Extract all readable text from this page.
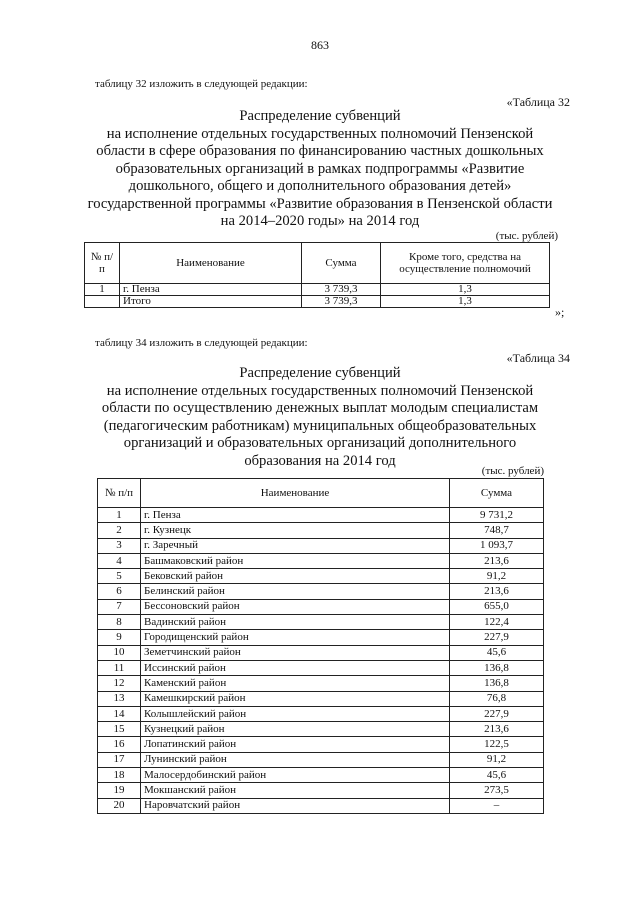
863
таблицу 32 изложить в следующей редакции:
«Таблица 32
Распределение субвенций
на исполнение отдельных государственных полномочий Пензенской
области в сфере образования по финансированию частных дошкольных
образовательных организаций в рамках подпрограммы «Развитие
дошкольного, общего и дополнительного образования детей»
государственной программы «Развитие образования в Пензенской области
на 2014–2020 годы» на 2014 год
(тыс. рублей)
№ п/п	Наименование	Сумма	Кроме того, средства на осуществление полномочий
1	г. Пенза	3 739,3	1,3
	Итого	3 739,3	1,3
»;
таблицу 34 изложить в следующей редакции:
«Таблица 34
Распределение субвенций
на исполнение отдельных государственных полномочий Пензенской
области по осуществлению денежных выплат молодым специалистам
(педагогическим работникам) муниципальных общеобразовательных
организаций и образовательных организаций дополнительного
образования на 2014 год
(тыс. рублей)
№ п/п	Наименование	Сумма
1	г. Пенза	9 731,2
2	г. Кузнецк	748,7
3	г. Заречный	1 093,7
4	Башмаковский район	213,6
5	Бековский район	91,2
6	Белинский район	213,6
7	Бессоновский район	655,0
8	Вадинский район	122,4
9	Городищенский район	227,9
10	Земетчинский район	45,6
11	Иссинский район	136,8
12	Каменский район	136,8
13	Камешкирский район	76,8
14	Колышлейский район	227,9
15	Кузнецкий район	213,6
16	Лопатинский район	122,5
17	Лунинский район	91,2
18	Малосердобинский район	45,6
19	Мокшанский район	273,5
20	Наровчатский район	–
